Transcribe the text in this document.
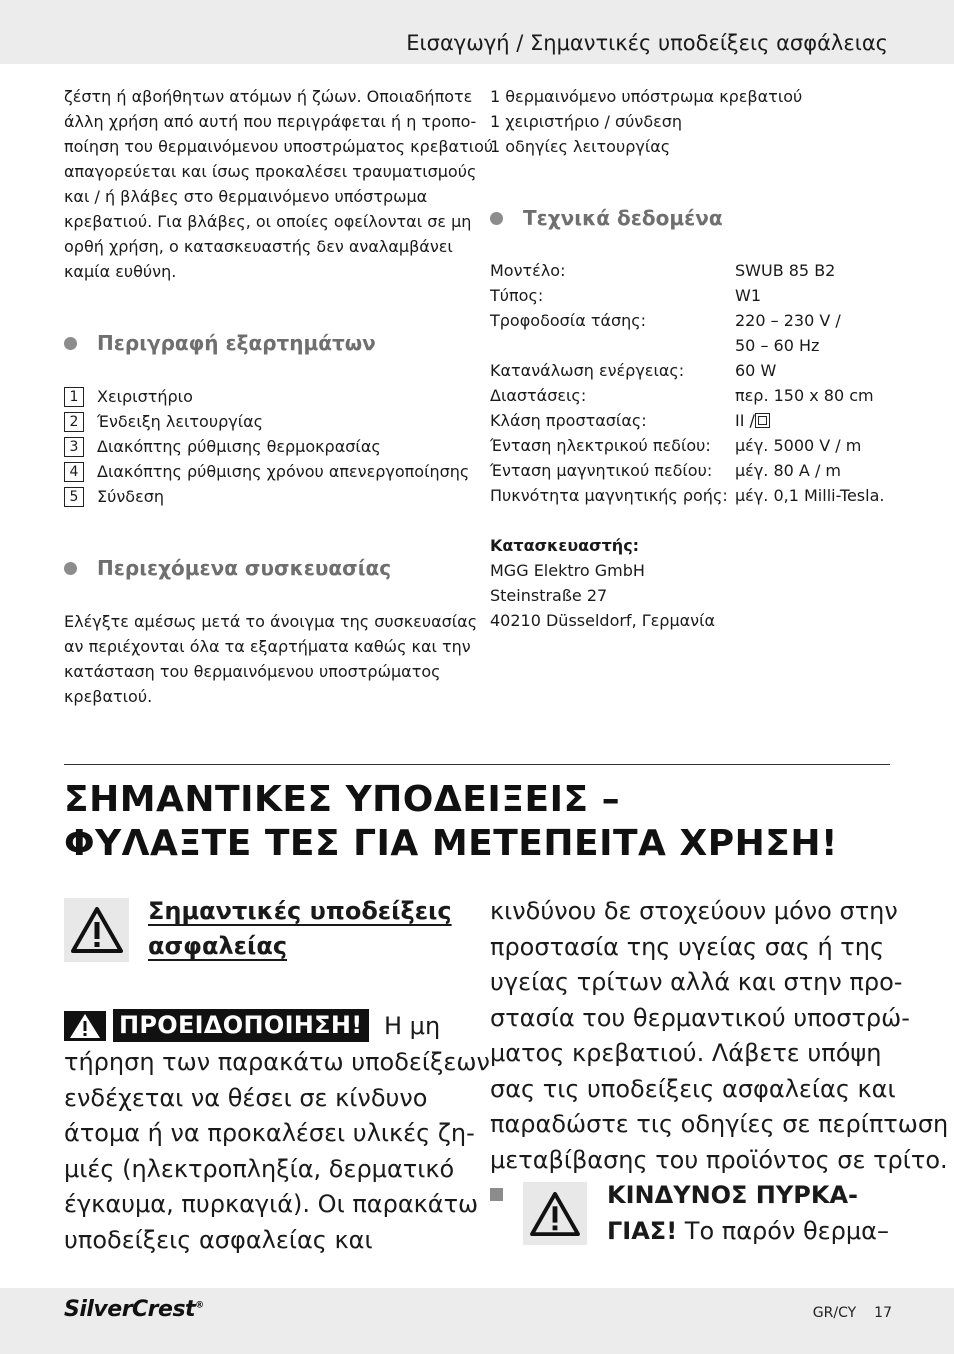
Εισαγωγή / Σημαντικές υποδείξεις ασφάλειας

ζέστη ή αβοήθητων ατόμων ή ζώων. Οποιαδήποτε

άλλη χρήση από αυτή που περιγράφεται ή η τροπο-

ποίηση του θερμαινόμενου υποστρώματος κρεβατιού

απαγορεύεται και ίσως προκαλέσει τραυματισμούς

και / ή βλάβες στο θερμαινόμενο υπόστρωμα

κρεβατιού. Για βλάβες, οι οποίες οφείλονται σε μη

ορθή χρήση, ο κατασκευαστής δεν αναλαμβάνει

καμία ευθύνη.

Περιγραφή εξαρτημάτων
1	Χειριστήριο
2	Ένδειξη λειτουργίας
3	Διακόπτης ρύθμισης θερμοκρασίας
4	Διακόπτης ρύθμισης χρόνου απενεργοποίησης
5	Σύνδεση
Περιεχόμενα συσκευασίας

Ελέγξτε αμέσως μετά το άνοιγμα της συσκευασίας

αν περιέχονται όλα τα εξαρτήματα καθώς και την

κατάσταση του θερμαινόμενου υποστρώματος

κρεβατιού.

1 θερμαινόμενο υπόστρωμα κρεβατιού

1 χειριστήριο / σύνδεση

1 οδηγίες λειτουργίας

Τεχνικά δεδομένα
Μοντέλο:	SWUB 85 B2
Τύπος:	W1
Τροφοδοσία τάσης:	220 – 230 V /
50 – 60 Hz
Κατανάλωση ενέργειας:	60 W
Διαστάσεις:	περ. 150 x 80 cm
Κλάση προστασίας:	II /
Ένταση ηλεκτρικού πεδίου:	μέγ. 5000 V / m
Ένταση μαγνητικού πεδίου:	μέγ. 80 A / m
Πυκνότητα μαγνητικής ροής: μέγ. 0,1 Milli-Tesla.

Κατασκευαστής:

MGG Elektro GmbH

Steinstraße 27

40210 Düsseldorf, Γερμανία

ΣΗΜΑΝΤΙΚΕΣ ΥΠΟΔΕΙΞΕΙΣ –
ΦΥΛΑΞΤΕ ΤΕΣ ΓΙΑ ΜΕΤΕΠΕΙΤΑ ΧΡΗΣΗ!
Σημαντικές υποδείξεις
ασφαλείας
ΠΡΟΕΙΔΟΠΟΙΗΣΗ! Η μη
τήρηση των παρακάτω υποδείξεων
ενδέχεται να θέσει σε κίνδυνο
άτομα ή να προκαλέσει υλικές ζη-
μιές (ηλεκτροπληξία, δερματικό
έγκαυμα, πυρκαγιά). Οι παρακάτω
υποδείξεις ασφαλείας και
κινδύνου δε στοχεύουν μόνο στην
προστασία της υγείας σας ή της
υγείας τρίτων αλλά και στην προ-
στασία του θερμαντικού υποστρώ-
ματος κρεβατιού. Λάβετε υπόψη
σας τις υποδείξεις ασφαλείας και
παραδώστε τις οδηγίες σε περίπτωση
μεταβίβασης του προϊόντος σε τρίτο.
ΚΙΝΔΥΝΟΣ ΠΥΡΚΑ-
ΓΙΑΣ! Το παρόν θερμα–
SilverCrest®	GR/CY 17
